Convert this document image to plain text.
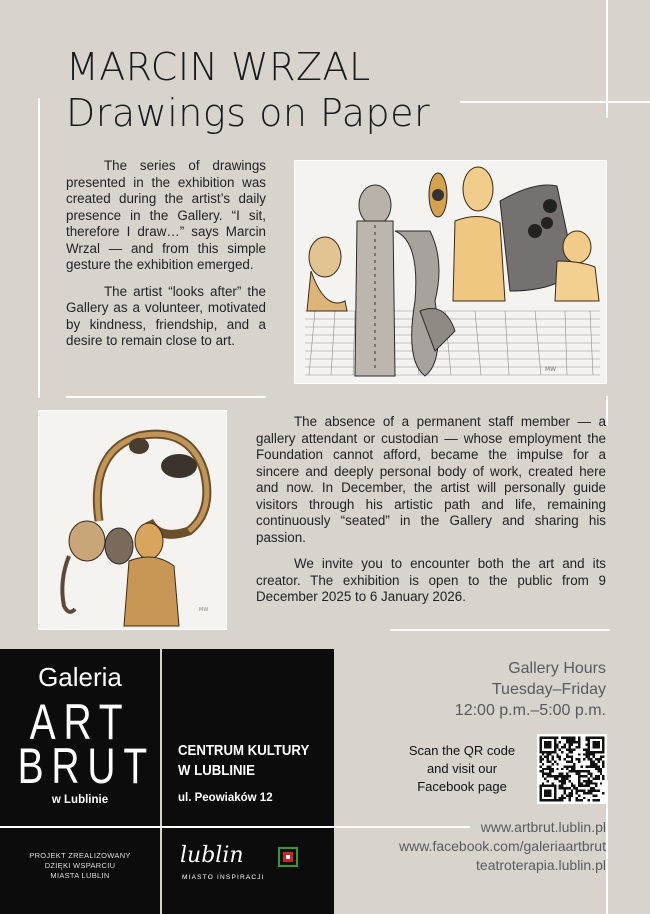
MARCIN WRZAL
Drawings on Paper

The series of drawings presented in the exhibition was created during the artist’s daily presence in the Gallery. “I sit, therefore I draw…” says Marcin Wrzal — and from this simple gesture the exhibition emerged.

The artist “looks after” the Gallery as a volunteer, motivated by kindness, friendship, and a desire to remain close to art.

MW
MW

The absence of a permanent staff member — a gallery attendant or custodian — whose employment the Foundation cannot afford, became the impulse for a sincere and deeply personal body of work, created here and now. In December, the artist will personally guide visitors through his artistic path and life, remaining continuously “seated” in the Gallery and sharing his passion.

We invite you to encounter both the art and its creator. The exhibition is open to the public from 9 December 2025 to 6 January 2026.

Galeria
ART
BRUT
w Lublinie
CENTRUM KULTURY
W LUBLINIE
ul. Peowiaków 12
PROJEKT ZREALIZOWANY
DZIĘKI WSPARCIU
MIASTA LUBLIN
lublin
MIASTO INSPIRACJI
Gallery Hours
Tuesday–Friday
12:00 p.m.–5:00 p.m.
Scan the QR code
and visit our
Facebook page
www.artbrut.lublin.pl
www.facebook.com/galeriaartbrut
teatroterapia.lublin.pl
